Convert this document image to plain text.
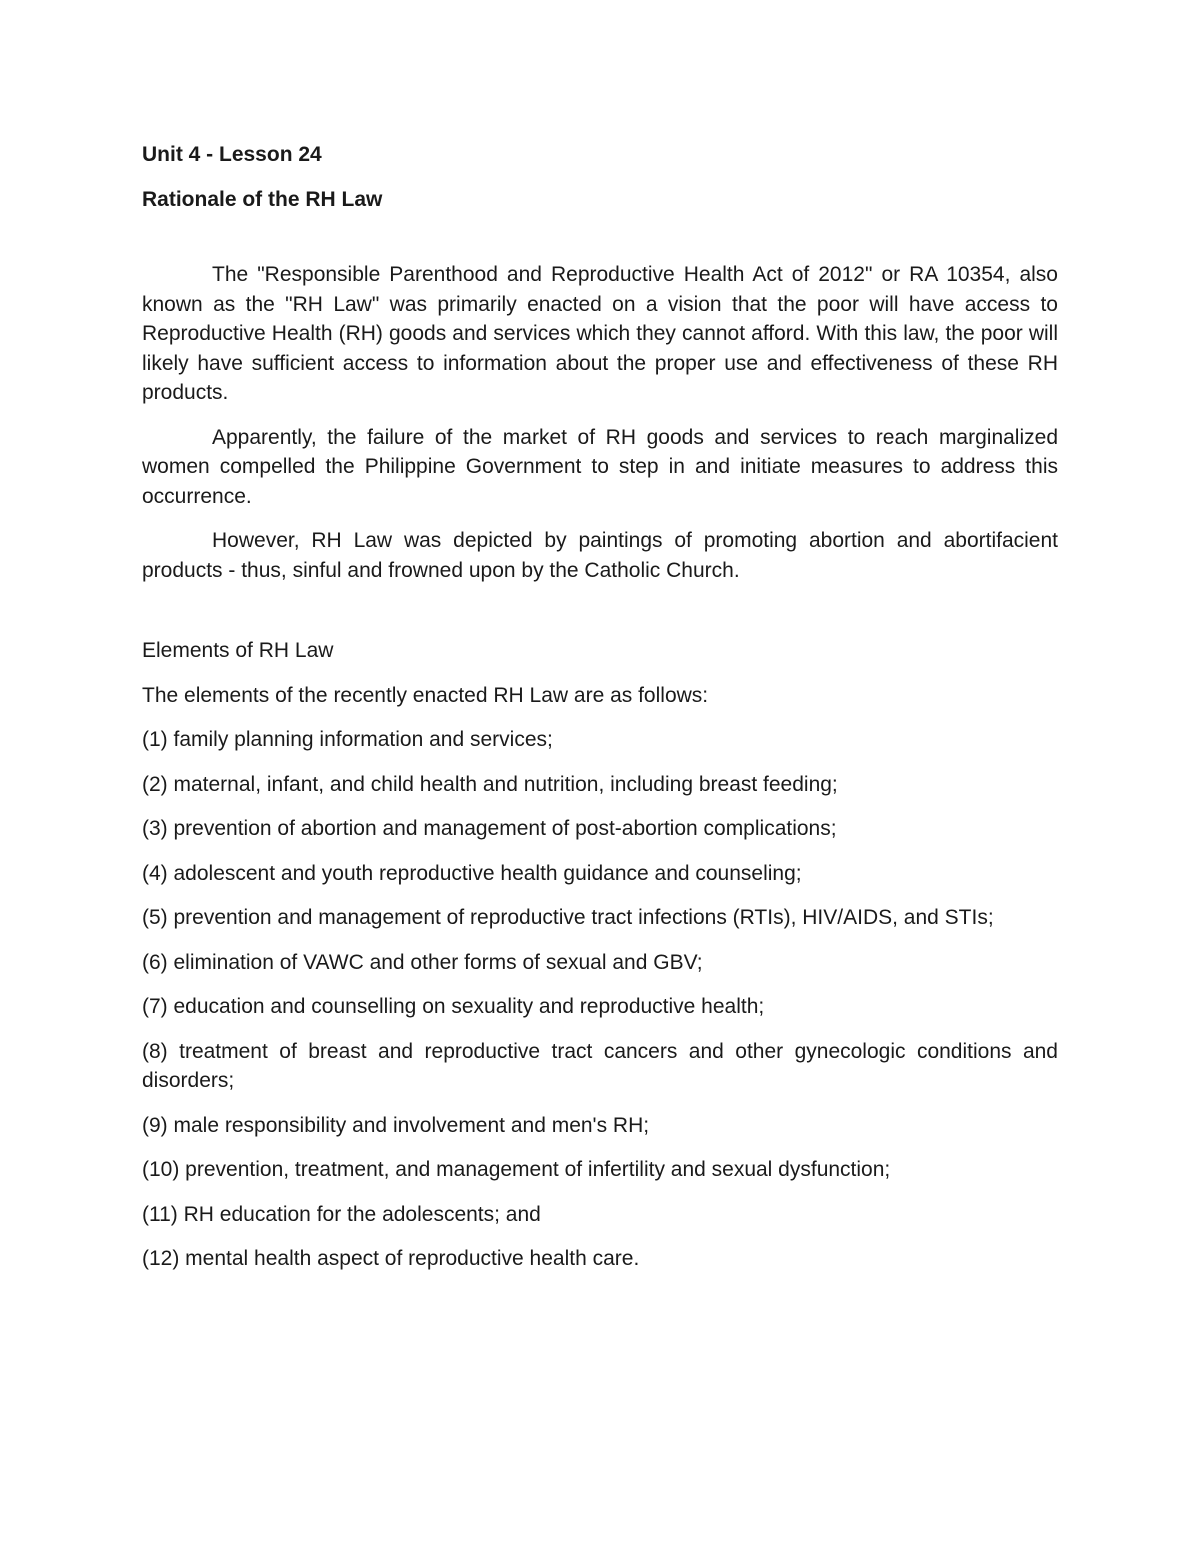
Unit 4 - Lesson 24
Rationale of the RH Law

The "Responsible Parenthood and Reproductive Health Act of 2012" or RA 10354, also known as the "RH Law" was primarily enacted on a vision that the poor will have access to Reproductive Health (RH) goods and services which they cannot afford. With this law, the poor will likely have sufficient access to information about the proper use and effectiveness of these RH products.

Apparently, the failure of the market of RH goods and services to reach marginalized women compelled the Philippine Government to step in and initiate measures to address this occurrence.

However, RH Law was depicted by paintings of promoting abortion and abortifacient products - thus, sinful and frowned upon by the Catholic Church.

Elements of RH Law

The elements of the recently enacted RH Law are as follows:

(1) family planning information and services;

(2) maternal, infant, and child health and nutrition, including breast feeding;

(3) prevention of abortion and management of post-abortion complications;

(4) adolescent and youth reproductive health guidance and counseling;

(5) prevention and management of reproductive tract infections (RTIs), HIV/AIDS, and STIs;

(6) elimination of VAWC and other forms of sexual and GBV;

(7) education and counselling on sexuality and reproductive health;

(8) treatment of breast and reproductive tract cancers and other gynecologic conditions and disorders;

(9) male responsibility and involvement and men's RH;

(10) prevention, treatment, and management of infertility and sexual dysfunction;

(11) RH education for the adolescents; and

(12) mental health aspect of reproductive health care.
